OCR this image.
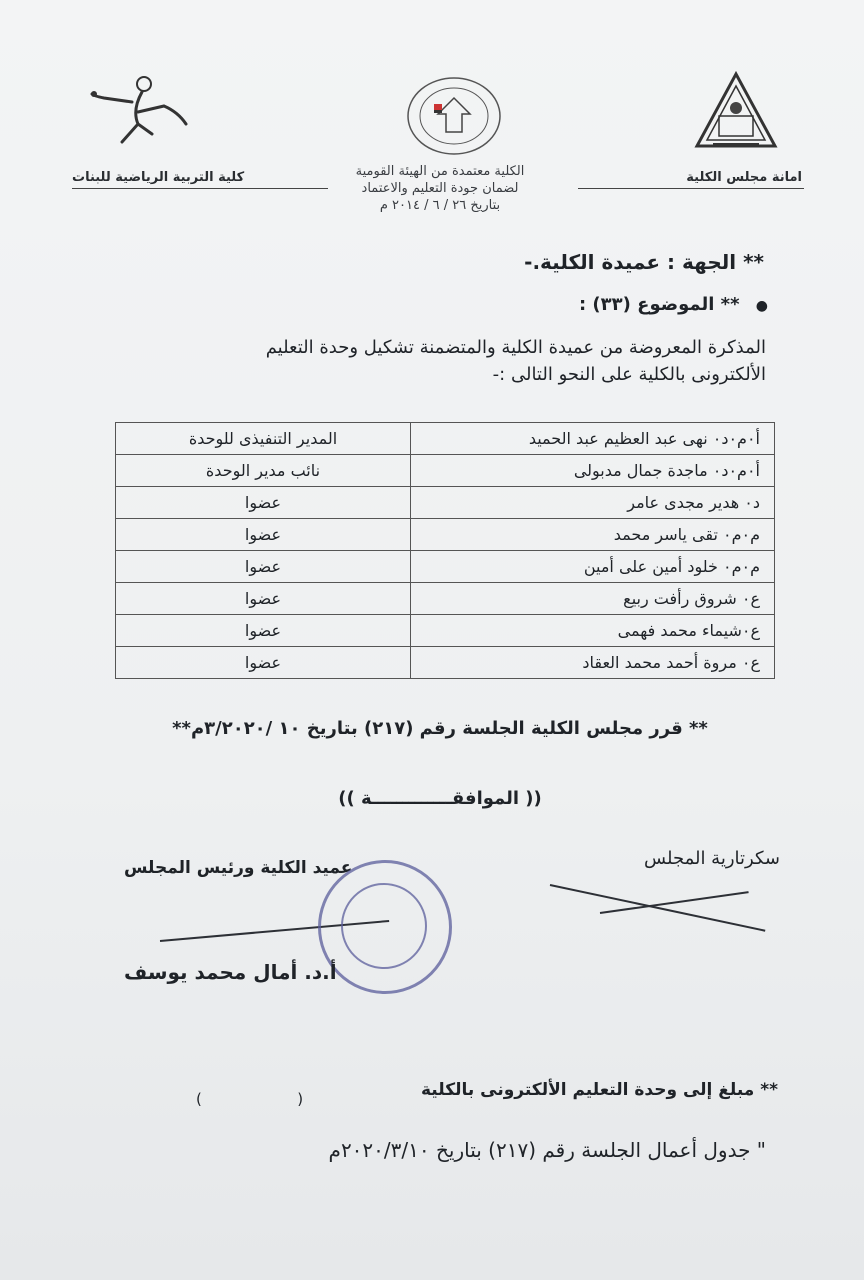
كلية التربية الرياضية للبنات	الكلية معتمدة من الهيئة القومية
لضمان جودة التعليم والاعتماد
بتاريخ ٢٦ / ٦ / ٢٠١٤ م
امانة مجلس الكلية
** الجهة : عميدة الكلية.-
● ** الموضوع (٣٣) :
المذكرة المعروضة من عميدة الكلية والمتضمنة تشكيل وحدة التعليم
الألكترونى بالكلية على النحو التالى :-
أ٠م٠د٠ نهى عبد العظيم عبد الحميد	المدير التنفيذى للوحدة
أ٠م٠د٠ ماجدة جمال مدبولى	نائب مدير الوحدة
د٠ هدير مجدى عامر	عضوا
م٠م٠ تقى ياسر محمد	عضوا
م٠م٠ خلود أمين على أمين	عضوا
ع٠ شروق رأفت ربيع	عضوا
ع٠شيماء محمد فهمى	عضوا
ع٠ مروة أحمد محمد العقاد	عضوا
** قرر مجلس الكلية الجلسة رقم (٢١٧) بتاريخ ١٠ /٣/٢٠٢٠م**
(( الموافقـــــــــــــة ))
سكرتارية المجلس
عميد الكلية ورئيس المجلس
أ.د. أمال محمد يوسف
** مبلغ إلى وحدة التعليم الألكترونى بالكلية
(                    )
" جدول أعمال الجلسة رقم (٢١٧) بتاريخ ٢٠٢٠/٣/١٠م
